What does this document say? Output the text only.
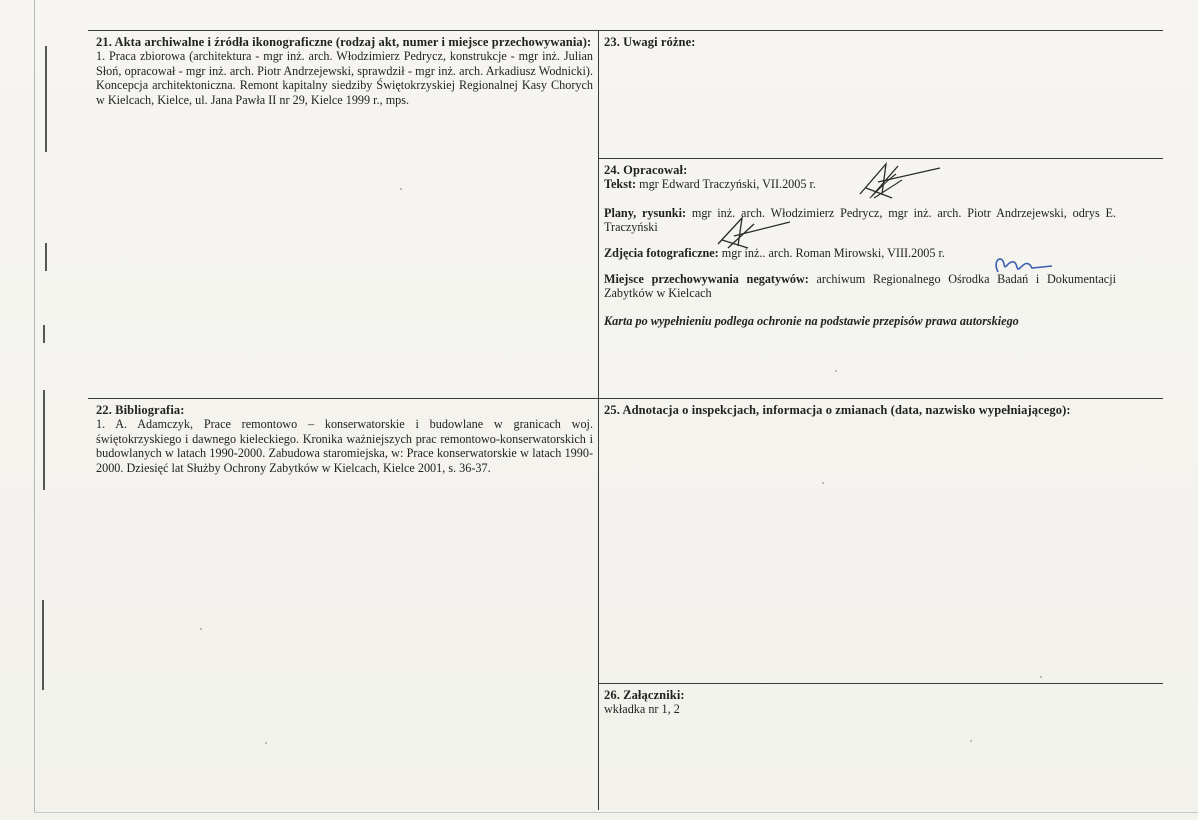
21. Akta archiwalne i źródła ikonograficzne (rodzaj akt, numer i miejsce przechowywania):
1. Praca zbiorowa (architektura - mgr inż. arch. Włodzimierz Pedrycz, konstrukcje - mgr inż. Julian Słoń, opracował - mgr inż. arch. Piotr Andrzejewski, sprawdził - mgr inż. arch. Arkadiusz Wodnicki). Koncepcja architektoniczna. Remont kapitalny siedziby Świętokrzyskiej Regionalnej Kasy Chorych w Kielcach, Kielce, ul. Jana Pawła II nr 29, Kielce 1999 r., mps.
23. Uwagi różne:
24. Opracował:
Tekst: mgr Edward Traczyński, VII.2005 r.
Plany, rysunki: mgr inż. arch. Włodzimierz Pedrycz, mgr inż. arch. Piotr Andrzejewski, odrys E. Traczyński
Zdjęcia fotograficzne: mgr inż.. arch. Roman Mirowski, VIII.2005 r.
Miejsce przechowywania negatywów: archiwum Regionalnego Ośrodka Badań i Dokumentacji Zabytków w Kielcach
Karta po wypełnieniu podlega ochronie na podstawie przepisów prawa autorskiego
22. Bibliografia:
1. A. Adamczyk, Prace remontowo – konserwatorskie i budowlane w granicach woj. świętokrzyskiego i dawnego kieleckiego. Kronika ważniejszych prac remontowo-konserwatorskich i budowlanych w latach 1990-2000. Zabudowa staromiejska, w: Prace konserwatorskie w latach 1990-2000. Dziesięć lat Służby Ochrony Zabytków w Kielcach, Kielce 2001, s. 36-37.
25. Adnotacja o inspekcjach, informacja o zmianach (data, nazwisko wypełniającego):
26. Załączniki:
wkładka nr 1, 2
